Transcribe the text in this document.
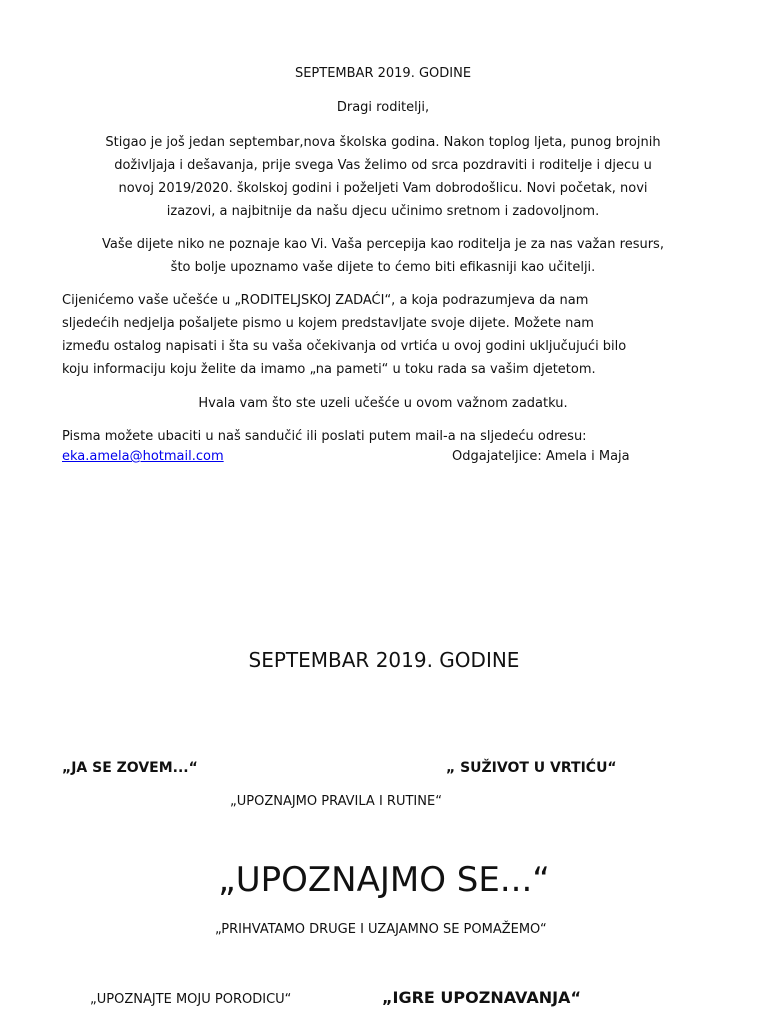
SEPTEMBAR 2019. GODINE
Dragi roditelji,

Stigao je još jedan septembar,nova školska godina. Nakon toplog ljeta, punog brojnih

doživljaja i dešavanja, prije svega Vas želimo od srca pozdraviti i roditelje i djecu u

novoj 2019/2020. školskoj godini i poželjeti Vam dobrodošlicu. Novi početak, novi

izazovi, a najbitnije da našu djecu učinimo sretnom i zadovoljnom.

Vaše dijete niko ne poznaje kao Vi. Vaša percepija kao roditelja je za nas važan resurs,

što bolje upoznamo vaše dijete to ćemo biti efikasniji kao učitelji.

Cijenićemo vaše učešće u „RODITELJSKOJ ZADAĆI“, a koja podrazumjeva da nam

sljedećih nedjelja pošaljete pismo u kojem predstavljate svoje dijete. Možete nam

između ostalog napisati i šta su vaša očekivanja od vrtića u ovoj godini uključujući bilo

koju informaciju koju želite da imamo „na pameti“ u toku rada sa vašim djetetom.

Hvala vam što ste uzeli učešće u ovom važnom zadatku.
Pisma možete ubaciti u naš sandučić ili poslati putem mail-a na sljedeću odresu:
eka.amela@hotmail.com	Odgajateljice: Amela i Maja
SEPTEMBAR 2019. GODINE
„JA SE ZOVEM...“	„ SUŽIVOT U VRTIĆU“
„UPOZNAJMO PRAVILA I RUTINE“
„UPOZNAJMO SE...“
„PRIHVATAMO DRUGE I UZAJAMNO SE POMAŽEMO“
„UPOZNAJTE MOJU PORODICU“	„IGRE UPOZNAVANJA“
